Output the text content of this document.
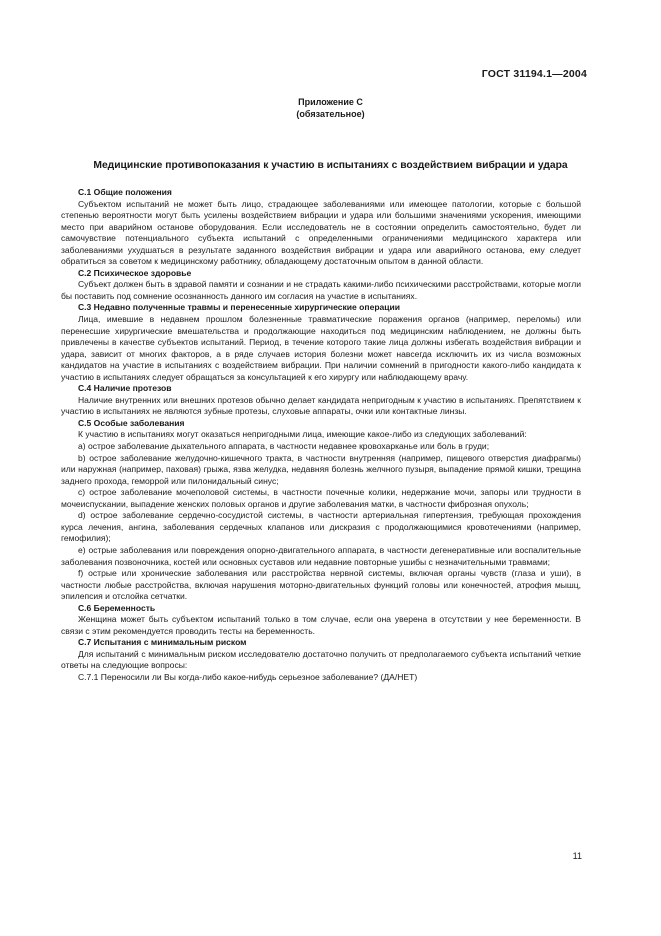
ГОСТ 31194.1—2004
Приложение С
(обязательное)
Медицинские противопоказания к участию в испытаниях с воздействием вибрации и удара

С.1 Общие положения

Субъектом испытаний не может быть лицо, страдающее заболеваниями или имеющее патологии, которые с большой степенью вероятности могут быть усилены воздействием вибрации и удара или большими значениями ускорения, имеющими место при аварийном останове оборудования. Если исследователь не в состоянии определить самостоятельно, будет ли самочувствие потенциального субъекта испытаний с определенными ограничениями медицинского характера или заболеваниями ухудшаться в результате заданного воздействия вибрации и удара или аварийного останова, ему следует обратиться за советом к медицинскому работнику, обладающему достаточным опытом в данной области.

С.2 Психическое здоровье

Субъект должен быть в здравой памяти и сознании и не страдать какими-либо психическими расстройствами, которые могли бы поставить под сомнение осознанность данного им согласия на участие в испытаниях.

С.3 Недавно полученные травмы и перенесенные хирургические операции

Лица, имевшие в недавнем прошлом болезненные травматические поражения органов (например, переломы) или перенесшие хирургические вмешательства и продолжающие находиться под медицинским наблюдением, не должны быть привлечены в качестве субъектов испытаний. Период, в течение которого такие лица должны избегать воздействия вибрации и удара, зависит от многих факторов, а в ряде случаев история болезни может навсегда исключить их из числа возможных кандидатов на участие в испытаниях с воздействием вибрации. При наличии сомнений в пригодности какого-либо кандидата к участию в испытаниях следует обращаться за консультацией к его хирургу или наблюдающему врачу.

С.4 Наличие протезов

Наличие внутренних или внешних протезов обычно делает кандидата непригодным к участию в испытаниях. Препятствием к участию в испытаниях не являются зубные протезы, слуховые аппараты, очки или контактные линзы.

С.5 Особые заболевания

К участию в испытаниях могут оказаться непригодными лица, имеющие какое-либо из следующих заболеваний:

а) острое заболевание дыхательного аппарата, в частности недавнее кровохарканье или боль в груди;

b) острое заболевание желудочно-кишечного тракта, в частности внутренняя (например, пищевого отверстия диафрагмы) или наружная (например, паховая) грыжа, язва желудка, недавняя болезнь желчного пузыря, выпадение прямой кишки, трещина заднего прохода, геморрой или пилонидальный синус;

c) острое заболевание мочеполовой системы, в частности почечные колики, недержание мочи, запоры или трудности в мочеиспускании, выпадение женских половых органов и другие заболевания матки, в частности фиброзная опухоль;

d) острое заболевание сердечно-сосудистой системы, в частности артериальная гипертензия, требующая прохождения курса лечения, ангина, заболевания сердечных клапанов или дискразия с продолжающимися кровотечениями (например, гемофилия);

e) острые заболевания или повреждения опорно-двигательного аппарата, в частности дегенеративные или воспалительные заболевания позвоночника, костей или основных суставов или недавние повторные ушибы с незначительными травмами;

f) острые или хронические заболевания или расстройства нервной системы, включая органы чувств (глаза и уши), в частности любые расстройства, включая нарушения моторно-двигательных функций головы или конечностей, атрофия мышц, эпилепсия и отслойка сетчатки.

С.6 Беременность

Женщина может быть субъектом испытаний только в том случае, если она уверена в отсутствии у нее беременности. В связи с этим рекомендуется проводить тесты на беременность.

С.7 Испытания с минимальным риском

Для испытаний с минимальным риском исследователю достаточно получить от предполагаемого субъекта испытаний четкие ответы на следующие вопросы:

С.7.1 Переносили ли Вы когда-либо какое-нибудь серьезное заболевание? (ДА/НЕТ)

11
